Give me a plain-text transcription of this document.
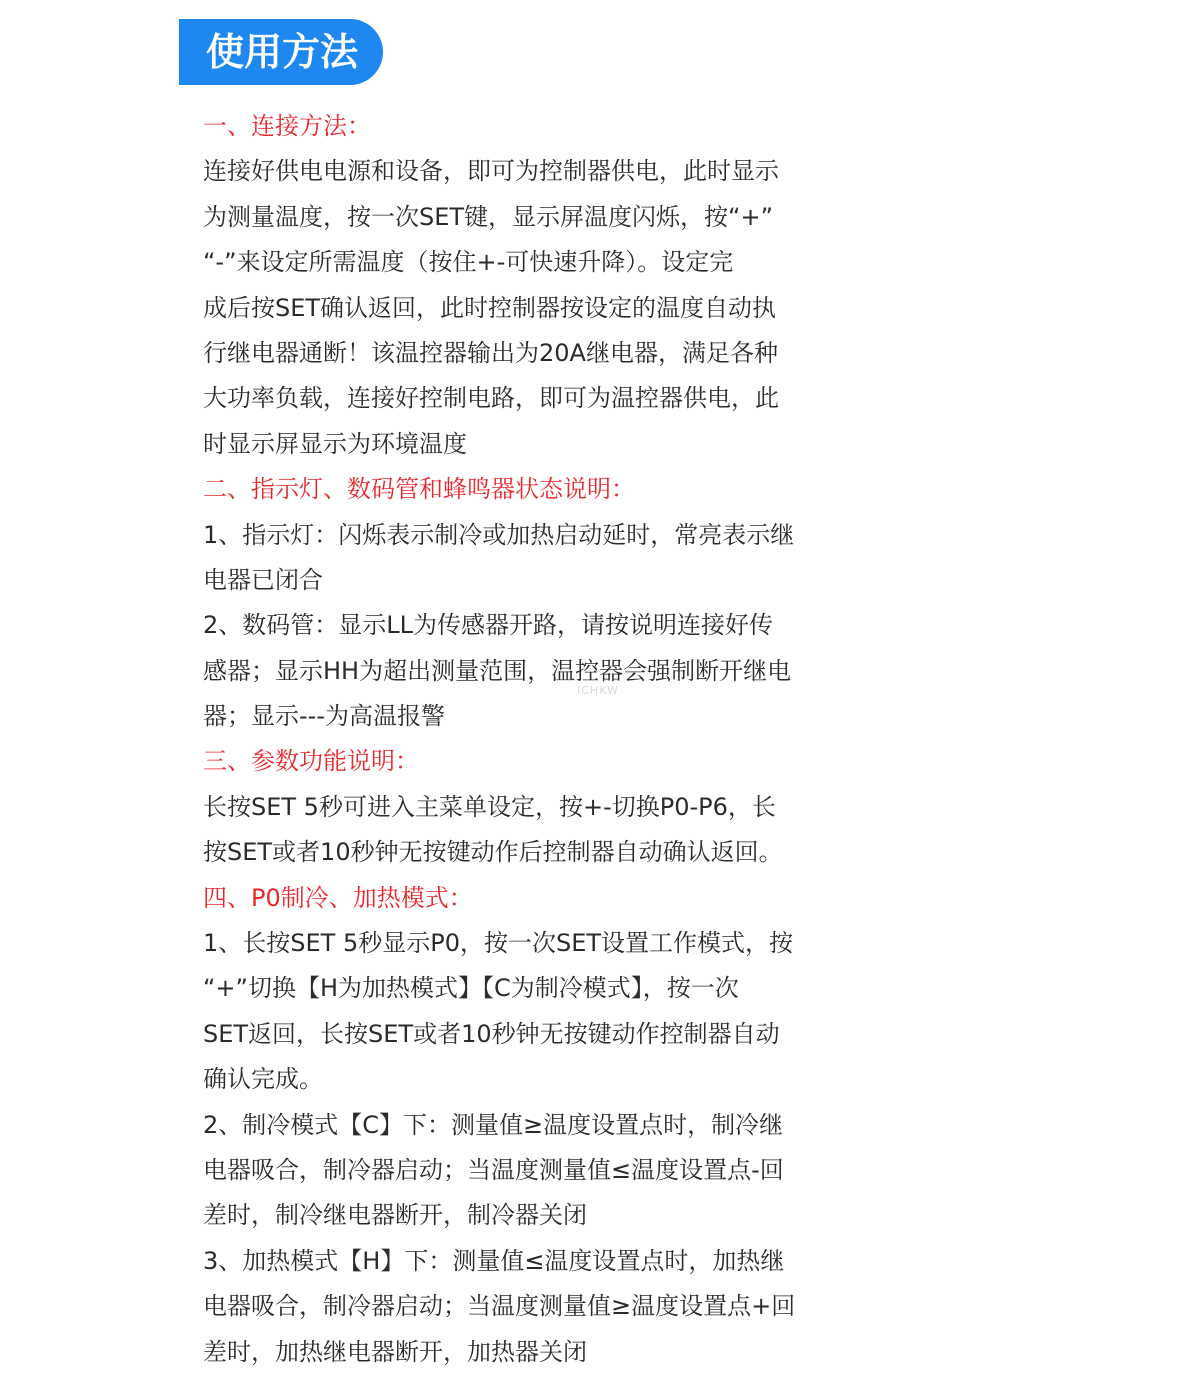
使用方法
一、连接方法：
连接好供电电源和设备，即可为控制器供电，此时显示
为测量温度，按一次SET键，显示屏温度闪烁，按“+”
“-”来设定所需温度（按住+-可快速升降）。设定完
成后按SET确认返回，此时控制器按设定的温度自动执
行继电器通断！该温控器输出为20A继电器，满足各种
大功率负载，连接好控制电路，即可为温控器供电，此
时显示屏显示为环境温度
二、指示灯、数码管和蜂鸣器状态说明：
1、指示灯：闪烁表示制冷或加热启动延时，常亮表示继
电器已闭合
2、数码管：显示LL为传感器开路，请按说明连接好传
感器；显示HH为超出测量范围，温控器会强制断开继电
器；显示---为高温报警
三、参数功能说明：
长按SET 5秒可进入主菜单设定，按+-切换P0-P6，长
按SET或者10秒钟无按键动作后控制器自动确认返回。
四、P0制冷、加热模式：
1、长按SET 5秒显示P0，按一次SET设置工作模式，按
“+”切换【H为加热模式】【C为制冷模式】，按一次
SET返回，长按SET或者10秒钟无按键动作控制器自动
确认完成。
2、制冷模式【C】下：测量值≥温度设置点时，制冷继
电器吸合，制冷器启动；当温度测量值≤温度设置点-回
差时，制冷继电器断开，制冷器关闭
3、加热模式【H】下：测量值≤温度设置点时，加热继
电器吸合，制冷器启动；当温度测量值≥温度设置点+回
差时，加热继电器断开，加热器关闭
ICHKW
